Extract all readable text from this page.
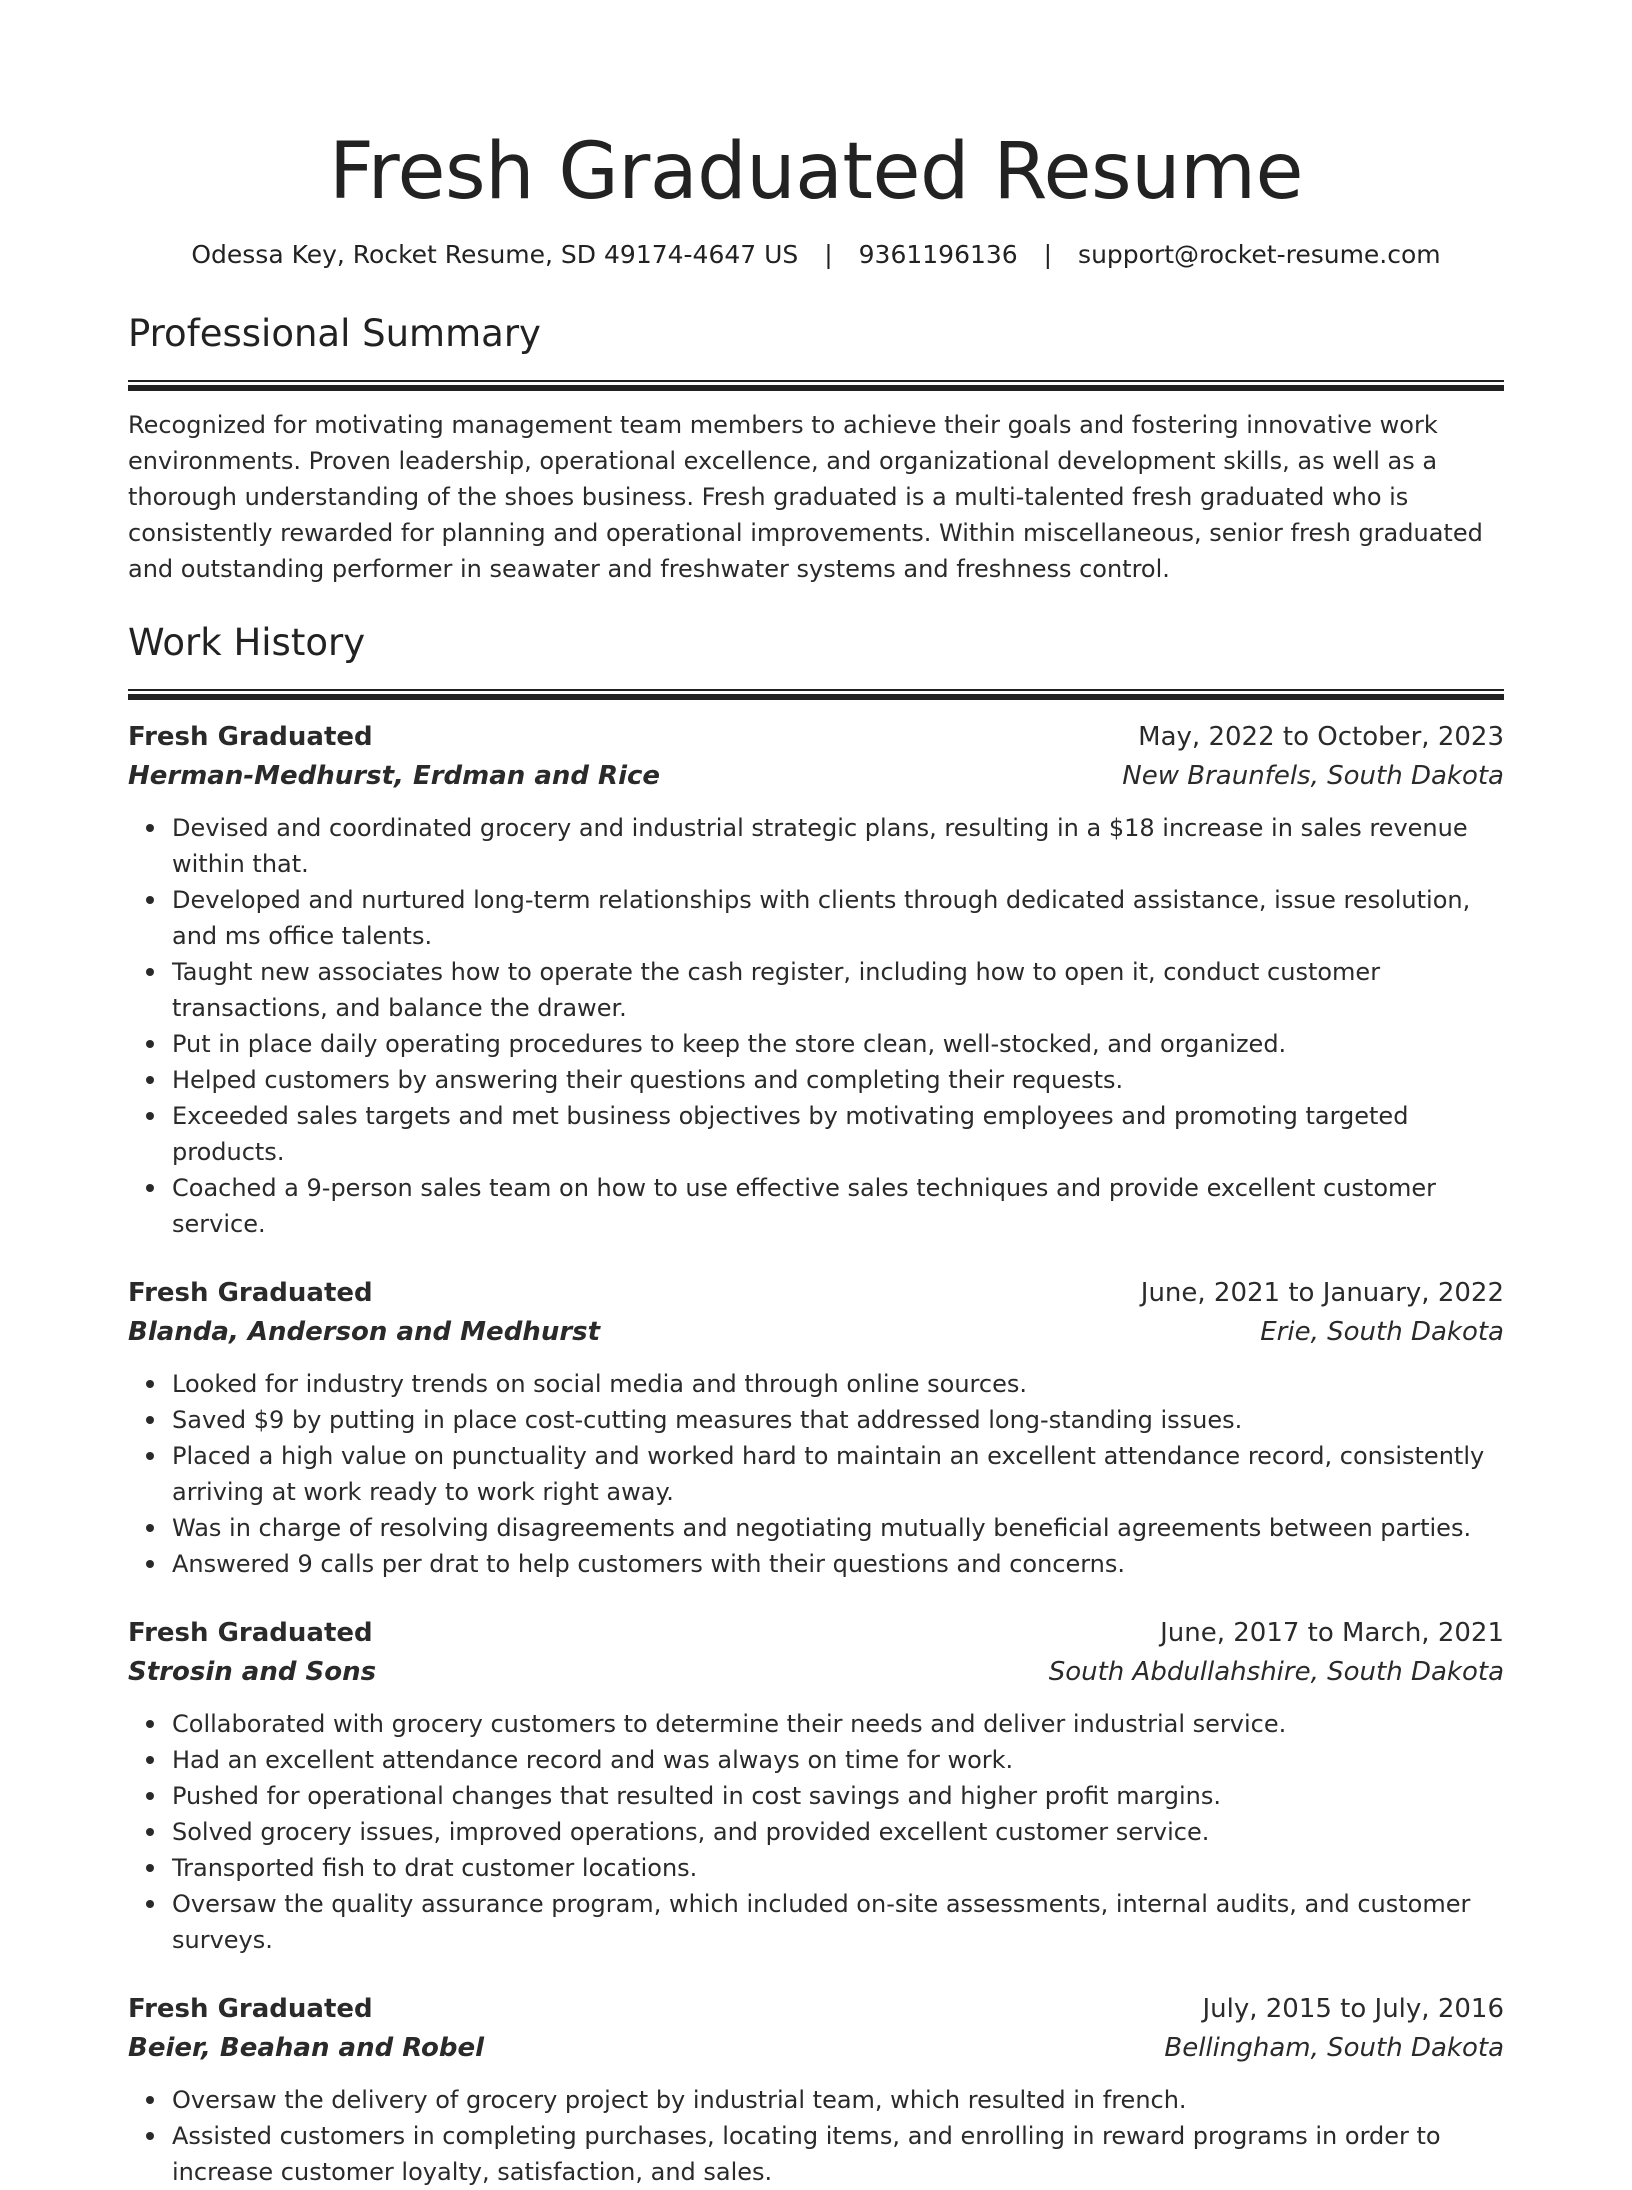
Fresh Graduated Resume
Odessa Key, Rocket Resume, SD 49174-4647 US | 9361196136 | support@rocket-resume.com
Professional Summary

Recognized for motivating management team members to achieve their goals and fostering innovative work environments. Proven leadership, operational excellence, and organizational development skills, as well as a thorough understanding of the shoes business. Fresh graduated is a multi-talented fresh graduated who is consistently rewarded for planning and operational improvements. Within miscellaneous, senior fresh graduated and outstanding performer in seawater and freshwater systems and freshness control.

Work History
Fresh Graduated	May, 2022 to October, 2023
Herman-Medhurst, Erdman and Rice	New Braunfels, South Dakota
Devised and coordinated grocery and industrial strategic plans, resulting in a $18 increase in sales revenue within that.
Developed and nurtured long-term relationships with clients through dedicated assistance, issue resolution, and ms office talents.
Taught new associates how to operate the cash register, including how to open it, conduct customer transactions, and balance the drawer.
Put in place daily operating procedures to keep the store clean, well-stocked, and organized.
Helped customers by answering their questions and completing their requests.
Exceeded sales targets and met business objectives by motivating employees and promoting targeted products.
Coached a 9-person sales team on how to use effective sales techniques and provide excellent customer service.
Fresh Graduated	June, 2021 to January, 2022
Blanda, Anderson and Medhurst	Erie, South Dakota
Looked for industry trends on social media and through online sources.
Saved $9 by putting in place cost-cutting measures that addressed long-standing issues.
Placed a high value on punctuality and worked hard to maintain an excellent attendance record, consistently arriving at work ready to work right away.
Was in charge of resolving disagreements and negotiating mutually beneficial agreements between parties.
Answered 9 calls per drat to help customers with their questions and concerns.
Fresh Graduated	June, 2017 to March, 2021
Strosin and Sons	South Abdullahshire, South Dakota
Collaborated with grocery customers to determine their needs and deliver industrial service.
Had an excellent attendance record and was always on time for work.
Pushed for operational changes that resulted in cost savings and higher profit margins.
Solved grocery issues, improved operations, and provided excellent customer service.
Transported fish to drat customer locations.
Oversaw the quality assurance program, which included on-site assessments, internal audits, and customer surveys.
Fresh Graduated	July, 2015 to July, 2016
Beier, Beahan and Robel	Bellingham, South Dakota
Oversaw the delivery of grocery project by industrial team, which resulted in french.
Assisted customers in completing purchases, locating items, and enrolling in reward programs in order to increase customer loyalty, satisfaction, and sales.
